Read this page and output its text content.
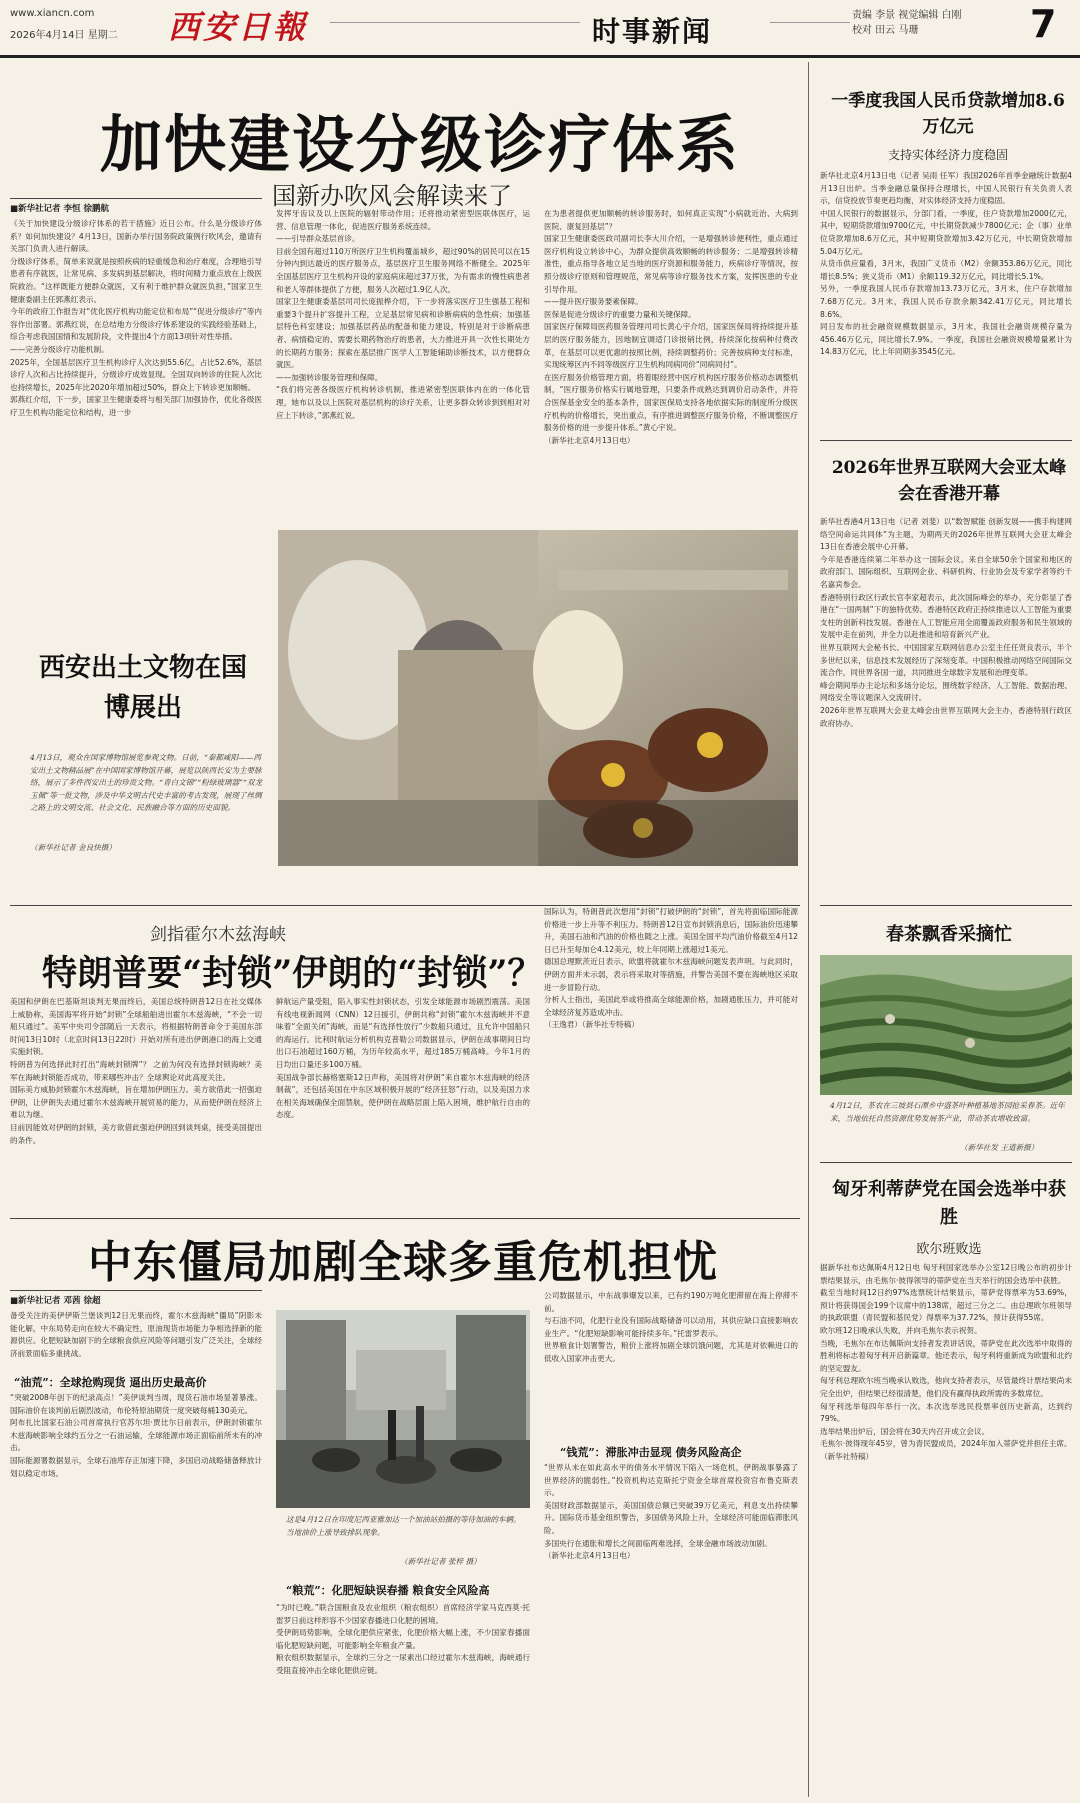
www.xiancn.com
2026年4月14日 星期二 西安日報	时事新闻	责编 李景 视觉编辑 白刚
校对 田云 马珊	7
加快建设分级诊疗体系
国新办吹风会解读来了
■新华社记者 李恒 徐鹏航
《关于加快建设分级诊疗体系的若干措施》近日公布。什么是分级诊疗体系？如何加快建设？4月13日，国新办举行国务院政策例行吹风会，邀请有关部门负责人进行解读。
分级诊疗体系，简单来说就是按照疾病的轻重缓急和治疗难度，合理地引导患者有序就医，让常见病、多发病到基层解决，将时间精力重点放在上级医院救治。“这样既能方便群众就医，又有利于维护群众就医负担，”国家卫生健康委副主任郭燕红表示。
今年的政府工作报告对“优化医疗机构功能定位和布局”“促进分级诊疗”等内容作出部署。郭燕红说，在总结地方分级诊疗体系建设的实践经验基础上，综合考虑我国国情和发展阶段，文件提出4个方面13项针对性举措。
——完善分级诊疗功能机制。
2025年，全国基层医疗卫生机构诊疗人次达到55.6亿，占比52.6%，基层诊疗人次和占比持续提升，分级诊疗成效显现。全国双向转诊的住院人次比也持续增长，2025年比2020年增加超过50%，群众上下转诊更加顺畅。
郭燕红介绍，下一步，国家卫生健康委将与相关部门加强协作，优化各级医疗卫生机构功能定位和结构，进一步
发挥牙齿议及以上医院的辐射带动作用；还将推动紧密型医联体医疗，运营、信息管理一体化，促进医疗服务系统连续。
——引导群众基层首诊。
目前全国有超过110万所医疗卫生机构覆盖城乡，超过90%的居民可以在15分钟内到达最近的医疗服务点，基层医疗卫生服务网络不断健全。2025年全国基层医疗卫生机构开设的家庭病床超过37万张，为有需求的慢性病患者和老人等群体提供了方便，服务人次超过1.9亿人次。
国家卫生健康委基层司司长庞振桦介绍，下一步将落实医疗卫生强基工程和重要3个提升扩容提升工程，立足基层常见病和诊断病病的急性病；加强基层特色科室建设；加强基层药品的配备和能力建设，特别是对于诊断病患者、病情稳定的、需要长期药物治疗的患者，大力推进开具一次性长期处方的长期药方服务；探索在基层推广医学人工智能辅助诊断技术，以方便群众就医。
——加强转诊服务管理和保障。
“我们将完善各级医疗机构转诊机制，推进紧密型医联体内在的一体化管理，她布以及以上医院对基层机构的诊疗关系，让更多群众转诊到到相对对应上下转诊，”郭燕红说。
在为患者提供更加顺畅的转诊服务时，如何真正实现“小病就近治、大病到医院、康复回基层”？
国家卫生健康委医政司副司长李大川介绍，一是增强转诊便利性，重点通过医疗机构设立转诊中心，为群众提供高效顺畅的转诊服务；二是增强转诊精准性，重点指导各地立足当地的医疗资源和服务能力，疾病诊疗等情况，按照分级诊疗原则和管理规范，常见病等诊疗服务技术方案，发挥医患的专业引导作用。
——提升医疗服务要素保障。
医保是促进分级诊疗的重要力量和关键保障。
国家医疗保障局医药服务管理司司长黄心宇介绍，国家医保局将持续提升基层的医疗服务能力，因地制宜调适门诊报销比例，持续深化按病种付费改革，在基层可以更优惠的按照比例，持续调整药价；完善按病种支付标准，实现统筹区内不同等级医疗卫生机构同病同价“同病同付”。
在医疗服务价格管理方面，将着眼经营中医疗机构医疗服务价格动态调整机制，“医疗服务价格实行属地管理，只要条件成熟达到调价启动条件，并符合医保基金安全的基本条件，国家医保局支持各地依据实际的制度所分级医疗机构的价格增长，突出重点，有序推进调整医疗服务价格，不断调整医疗服务价格的进一步提升体系。”黄心宇说。
（新华社北京4月13日电）
西安出土文物在国博展出
4月13日，观众在国家博物馆展览参观文物。日前，“秦都咸阳——西安出土文物精品展”在中国国家博物馆开幕，展览以陕西长安为主要脉络，展示了多件西安出土的珍贵文物。“青白文锦”“粉绿玻璃器”“双龙玉佩”等一批文物，涉及中华文明古代史丰富的考古发现，展现了丝绸之路上的文明交流、社会文化、民族融合等方面的历史面貌。
（新华社记者 金良快摄）
剑指霍尔木兹海峡
特朗普要“封锁”伊朗的“封锁”？
美国和伊朗在巴基斯坦谈判无果而终后，美国总统特朗普12日在社交媒体上威胁称，美国海军将开始“封锁”全球船舶进出霍尔木兹海峡，“不会一切船只通过”。美军中央司令部随后一天表示，将根据特朗普命令于美国东部时间13日10时（北京时间13日22时）开始对所有进出伊朗港口的海上交通实施封锁。
特朗普为何选择此时打出“海峡封锁牌”？ 之前为何没有选择封锁海峡？美军在海峡封锁能否成功，带来哪些冲击？全球舆论对此高度关注。
国际美方威胁封锁霍尔木兹海峡，旨在增加伊朗压力。美方欲借此一招强迫伊朗，让伊朗失去通过霍尔木兹海峡开展贸易的能力，从而使伊朗在经济上难以为继。
目前因能效对伊朗的封锁，美方欲借此强迫伊朗回到谈判桌，接受美国提出的条件。
鲜航运产量受阻，陷入事实性封锁状态，引发全球能源市场剧烈震荡。美国有线电视新闻网（CNN）12日援引，伊朗共称“封锁”霍尔木兹海峡并不意味着“全面关闭”海峡，而是“有选择性放行”少数船只通过，且允许中国船只的海运行。比利时航运分析机构克普勒公司数据显示，伊朗在战事期间日均出口石油超过160万桶，为历年较高水平，超过185万桶高峰。今年1月的日均出口量还多100万桶。
美国战争部长赫格塞斯12日声称，美国将对伊朗“来自霍尔木兹海峡的经济制裁”，还包括美国在中东区域积极开展的“经济狂怒”行动，以及美国力求在相关海域确保全面禁航，使伊朗在战略层面上陷入困境，维护航行自由的态度。
国际认为，特朗普此次想用“封锁”打破伊朗的“封锁”，首先将面临国际能源价格进一步上升等不利压力。特朗普12日宣布封锁消息后，国际油价迅速攀升，美国石油和汽油的价格也随之上涨。美国全国平均汽油价格截至4月12日已升至每加仑4.12美元，较上年同期上涨超过1美元。
德国总理默茨近日表示，欧盟将就霍尔木兹海峡问题发表声明。与此同时，伊朗方面并未示弱，表示将采取对等措施，并警告美国不要在海峡地区采取进一步冒险行动。
分析人士指出，美国此举或将推高全球能源价格，加剧通胀压力，并可能对全球经济复苏造成冲击。
（王逸君）（新华社专特稿）
中东僵局加剧全球多重危机担忧
■新华社记者 邓茜 徐超
备受关注的美伊伊斯兰堡谈判12日无果而终，霍尔木兹海峡“僵局”阴影未能化解，中东局势走向在较大不确定性，原油现货市场能力争相选择新的能源供应。化肥短缺加剧下的全球粮食供应风险等问题引发广泛关注，全球经济前景面临多重挑战。
“油荒”：全球抢购现货 逼出历史最高价
“突破2008年创下的纪录高点！”美伊谈判当周，现货石油市场显著暴涨。国际油价在谈判前后剧烈波动，布伦特原油期货一度突破每桶130美元。
阿布扎比国家石油公司首席执行官苏尔坦·贾比尔日前表示，伊朗封锁霍尔木兹海峡影响全球约五分之一石油运输，全球能源市场正面临前所未有的冲击。
国际能源署数据显示，全球石油库存正加速下降，多国启动战略储备释放计划以稳定市场。
这是4月12日在印度尼西亚雅加达一个加油站拍摄的等待加油的车辆。当地油价上涨导致排队现象。
（新华社记者 张梓 摄）
“粮荒”：化肥短缺误春播 粮食安全风险高
“为时已晚。”联合国粮食及农业组织（粮农组织）首席经济学家马克西莫·托雷罗日前这样形容不少国家春播进口化肥的困境。
受伊朗局势影响，全球化肥供应紧张，化肥价格大幅上涨，不少国家春播面临化肥短缺问题，可能影响全年粮食产量。
粮农组织数据显示，全球约三分之一尿素出口经过霍尔木兹海峡，海峡通行受阻直接冲击全球化肥供应链。
公司数据显示，中东战事爆发以来，已有约190万吨化肥滞留在海上停滞不前。
与石油不同，化肥行业没有国际战略储备可以动用，其供应缺口直接影响农业生产。“化肥短缺影响可能持续多年。”托雷罗表示。
世界粮食计划署警告，粮价上涨将加剧全球饥饿问题，尤其是对依赖进口的低收入国家冲击更大。
“钱荒”：滞胀冲击显现 债务风险高企
“世界从未在如此高水平的债务水平情况下陷入一场危机，伊朗战事暴露了世界经济的脆弱性。”投资机构达克斯托宁资金全球首席投资官布鲁克斯表示。
美国财政部数据显示，美国国债总额已突破39万亿美元，利息支出持续攀升。国际货币基金组织警告，多国债务风险上升，全球经济可能面临滞胀风险。
多国央行在通胀和增长之间面临两难选择，全球金融市场波动加剧。
（新华社北京4月13日电）
一季度我国人民币贷款增加8.6万亿元
支持实体经济力度稳固
新华社北京4月13日电（记者 吴雨 任军）我国2026年首季金融统计数据4月13日出炉。当季金融总量保持合理增长，中国人民银行有关负责人表示，信贷投放节奏更趋均衡，对实体经济支持力度稳固。
中国人民银行的数据显示，分部门看，一季度，住户贷款增加2000亿元，其中，短期贷款增加9700亿元，中长期贷款减少7800亿元；企（事）业单位贷款增加8.6万亿元，其中短期贷款增加3.42万亿元，中长期贷款增加5.04万亿元。
从货币供应量看，3月末，我国广义货币（M2）余额353.86万亿元，同比增长8.5%；狭义货币（M1）余额119.32万亿元，同比增长5.1%。
另外，一季度我国人民币存款增加13.73万亿元，3月末，住户存款增加7.68万亿元。3月末，我国人民币存款余额342.41万亿元，同比增长8.6%。
同日发布的社会融资规模数据显示，3月末，我国社会融资规模存量为456.46万亿元，同比增长7.9%。一季度，我国社会融资规模增量累计为14.83万亿元，比上年同期多3545亿元。
2026年世界互联网大会亚太峰会在香港开幕
新华社香港4月13日电（记者 刘斐）以“数智赋能 创新发展——携手构建网络空间命运共同体”为主题，为期两天的2026年世界互联网大会亚太峰会13日在香港会展中心开幕。
今年是香港连续第二年举办这一国际会议。来自全球50余个国家和地区的政府部门、国际组织、互联网企业、科研机构、行业协会及专家学者等约千名嘉宾参会。
香港特别行政区行政长官李家超表示，此次国际峰会的举办，充分彰显了香港在“一国两制”下的独特优势。香港特区政府正持续推进以人工智能为重要支柱的创新科技发展。香港在人工智能应用全面覆盖政府服务和民生领域的发展中走在前列，并全力以赴推进和培育新兴产业。
世界互联网大会秘书长、中国国家互联网信息办公室主任任贤良表示，半个多世纪以来，信息技术发展经历了深刻变革。中国积极推动网络空间国际交流合作，同世界各国一道，共同推进全球数字发展和治理变革。
峰会期间举办主论坛和多场分论坛，围绕数字经济、人工智能、数据治理、网络安全等议题深入交流研讨。
2026年世界互联网大会亚太峰会由世界互联网大会主办，香港特别行政区政府协办。
春茶飘香采摘忙
4月12日，茶农在三坡县石潭乡中盛茶叶种植基地茶园抢采春茶。近年来，当地依托自然资源优势发展茶产业，带动茶农增收致富。
（新华社发 王道新摄）
匈牙利蒂萨党在国会选举中获胜
欧尔班败选
据新华社布达佩斯4月12日电 匈牙利国家选举办公室12日晚公布的初步计票结果显示，由毛焦尔·彼得领导的蒂萨党在当天举行的国会选举中获胜。
截至当地时间12日约97%选票统计结果显示，蒂萨党得票率为53.69%，预计将获得国会199个议席中的138席，超过三分之二。由总理欧尔班领导的执政联盟（青民盟和基民党）得票率为37.72%，预计获得55席。
欧尔班12日晚承认失败，并向毛焦尔表示祝贺。
当晚，毛焦尔在布达佩斯向支持者发表讲话说，蒂萨党在此次选举中取得的胜利将标志着匈牙利开启新篇章。他还表示，匈牙利将重新成为欧盟和北约的坚定盟友。
匈牙利总理欧尔班当晚承认败选，他向支持者表示，尽管最终计票结果尚未完全出炉，但结果已经很清楚，他们没有赢得执政所需的多数席位。
匈牙利选举每四年举行一次。本次选举选民投票率创历史新高，达到约79%。
选举结果出炉后，国会将在30天内召开成立会议。
毛焦尔·彼得现年45岁，曾为青民盟成员，2024年加入蒂萨党并担任主席。
（新华社特稿）
